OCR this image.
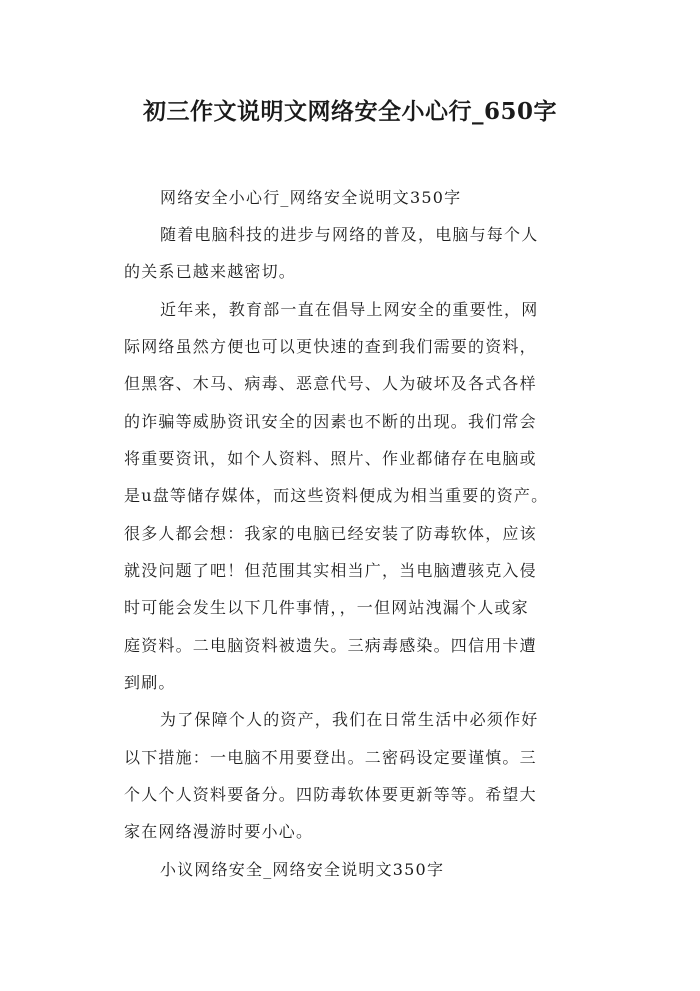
初三作文说明文网络安全小心行_650字
网络安全小心行_网络安全说明文350字
随着电脑科技的进步与网络的普及，电脑与每个人
的关系已越来越密切。
近年来，教育部一直在倡导上网安全的重要性，网
际网络虽然方便也可以更快速的查到我们需要的资料，
但黑客、木马、病毒、恶意代号、人为破坏及各式各样
的诈骗等威胁资讯安全的因素也不断的出现。我们常会
将重要资讯，如个人资料、照片、作业都储存在电脑或
是u盘等储存媒体，而这些资料便成为相当重要的资产。
很多人都会想：我家的电脑已经安装了防毒软体，应该
就没问题了吧！但范围其实相当广，当电脑遭骇克入侵
时可能会发生以下几件事情，，一但网站洩漏个人或家
庭资料。二电脑资料被遗失。三病毒感染。四信用卡遭
到刷。
为了保障个人的资产，我们在日常生活中必须作好
以下措施：一电脑不用要登出。二密码设定要谨慎。三
个人个人资料要备分。四防毒软体要更新等等。希望大
家在网络漫游时要小心。
小议网络安全_网络安全说明文350字
